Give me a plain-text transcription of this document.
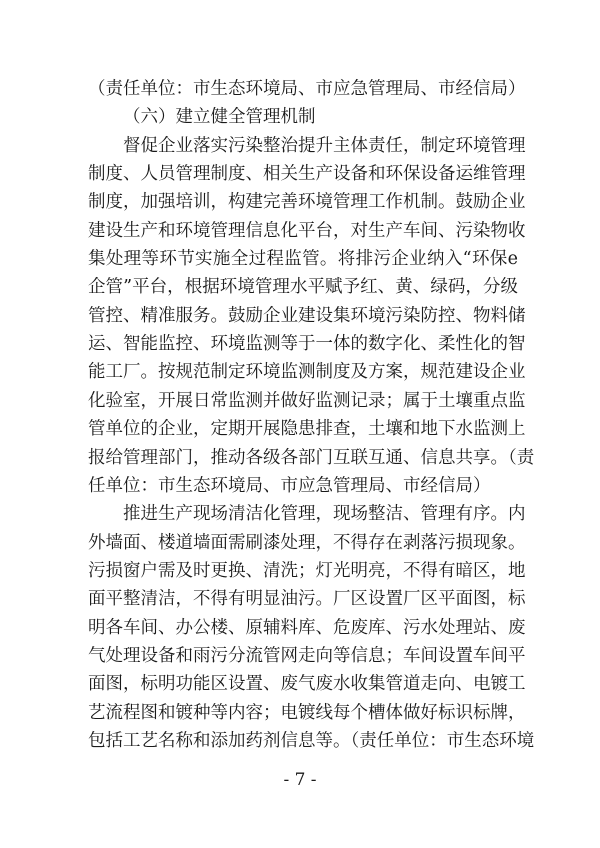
（责任单位：市生态环境局、市应急管理局、市经信局）
（六）建立健全管理机制
督促企业落实污染整治提升主体责任，制定环境管理
制度、人员管理制度、相关生产设备和环保设备运维管理
制度，加强培训，构建完善环境管理工作机制。鼓励企业
建设生产和环境管理信息化平台，对生产车间、污染物收
集处理等环节实施全过程监管。将排污企业纳入“环保e
企管”平台，根据环境管理水平赋予红、黄、绿码，分级
管控、精准服务。鼓励企业建设集环境污染防控、物料储
运、智能监控、环境监测等于一体的数字化、柔性化的智
能工厂。按规范制定环境监测制度及方案，规范建设企业
化验室，开展日常监测并做好监测记录；属于土壤重点监
管单位的企业，定期开展隐患排查，土壤和地下水监测上
报给管理部门，推动各级各部门互联互通、信息共享。（责
任单位：市生态环境局、市应急管理局、市经信局）
推进生产现场清洁化管理，现场整洁、管理有序。内
外墙面、楼道墙面需刷漆处理，不得存在剥落污损现象。
污损窗户需及时更换、清洗；灯光明亮，不得有暗区，地
面平整清洁，不得有明显油污。厂区设置厂区平面图，标
明各车间、办公楼、原辅料库、危废库、污水处理站、废
气处理设备和雨污分流管网走向等信息；车间设置车间平
面图，标明功能区设置、废气废水收集管道走向、电镀工
艺流程图和镀种等内容；电镀线每个槽体做好标识标牌，
包括工艺名称和添加药剂信息等。（责任单位：市生态环境
- 7 -
